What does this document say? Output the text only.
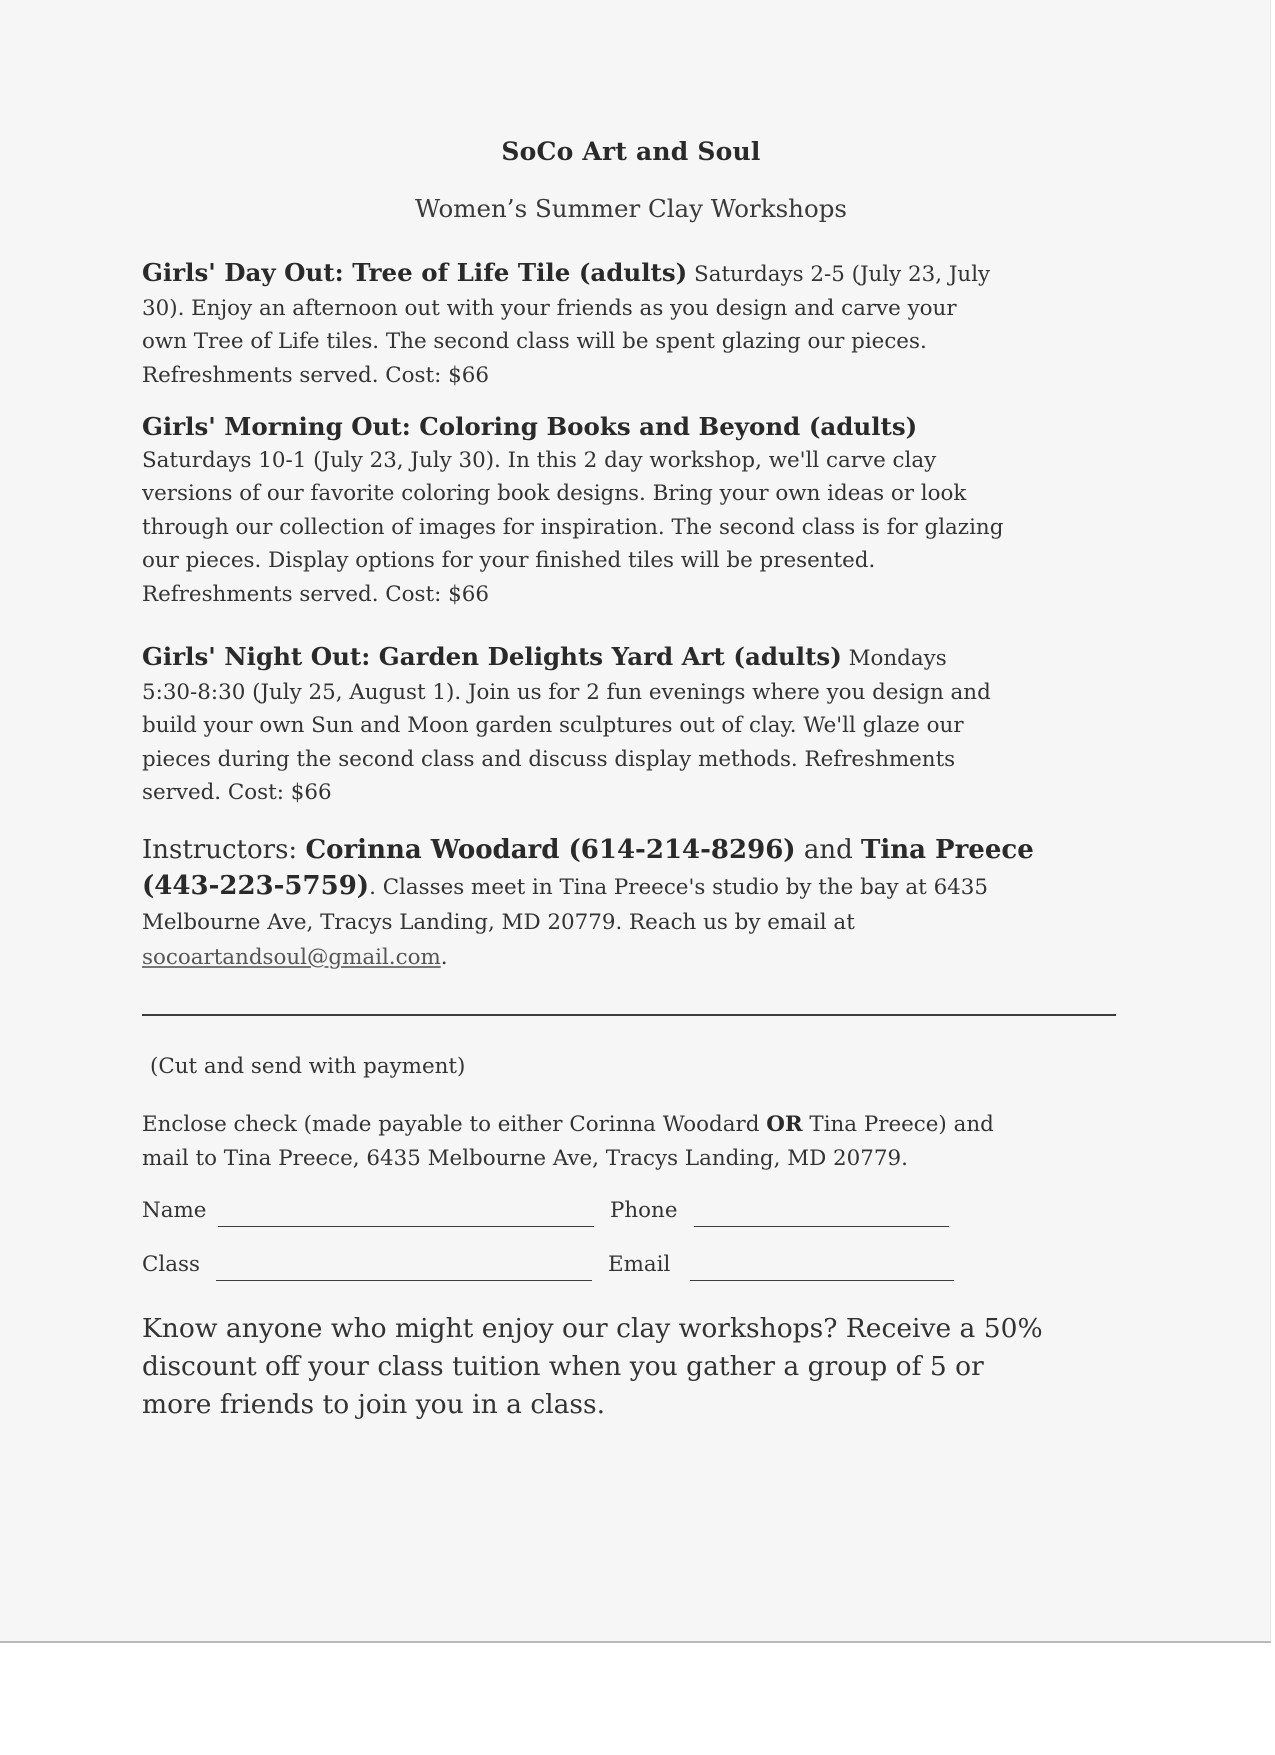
SoCo Art and Soul
Women’s Summer Clay Workshops
Girls' Day Out: Tree of Life Tile (adults) Saturdays 2-5 (July 23, July
30). Enjoy an afternoon out with your friends as you design and carve your
own Tree of Life tiles. The second class will be spent glazing our pieces.
Refreshments served. Cost: $66
Girls' Morning Out: Coloring Books and Beyond (adults)
Saturdays 10-1 (July 23, July 30). In this 2 day workshop, we'll carve clay
versions of our favorite coloring book designs. Bring your own ideas or look
through our collection of images for inspiration. The second class is for glazing
our pieces. Display options for your finished tiles will be presented.
Refreshments served. Cost: $66
Girls' Night Out: Garden Delights Yard Art (adults) Mondays
5:30-8:30 (July 25, August 1). Join us for 2 fun evenings where you design and
build your own Sun and Moon garden sculptures out of clay. We'll glaze our
pieces during the second class and discuss display methods. Refreshments
served. Cost: $66
Instructors: Corinna Woodard (614-214-8296) and Tina Preece
(443-223-5759). Classes meet in Tina Preece's studio by the bay at 6435
Melbourne Ave, Tracys Landing, MD 20779. Reach us by email at
socoartandsoul@gmail.com.
(Cut and send with payment)
Enclose check (made payable to either Corinna Woodard OR Tina Preece) and
mail to Tina Preece, 6435 Melbourne Ave, Tracys Landing, MD 20779.
Name	Phone
Class	Email
Know anyone who might enjoy our clay workshops? Receive a 50%
discount off your class tuition when you gather a group of 5 or
more friends to join you in a class.
